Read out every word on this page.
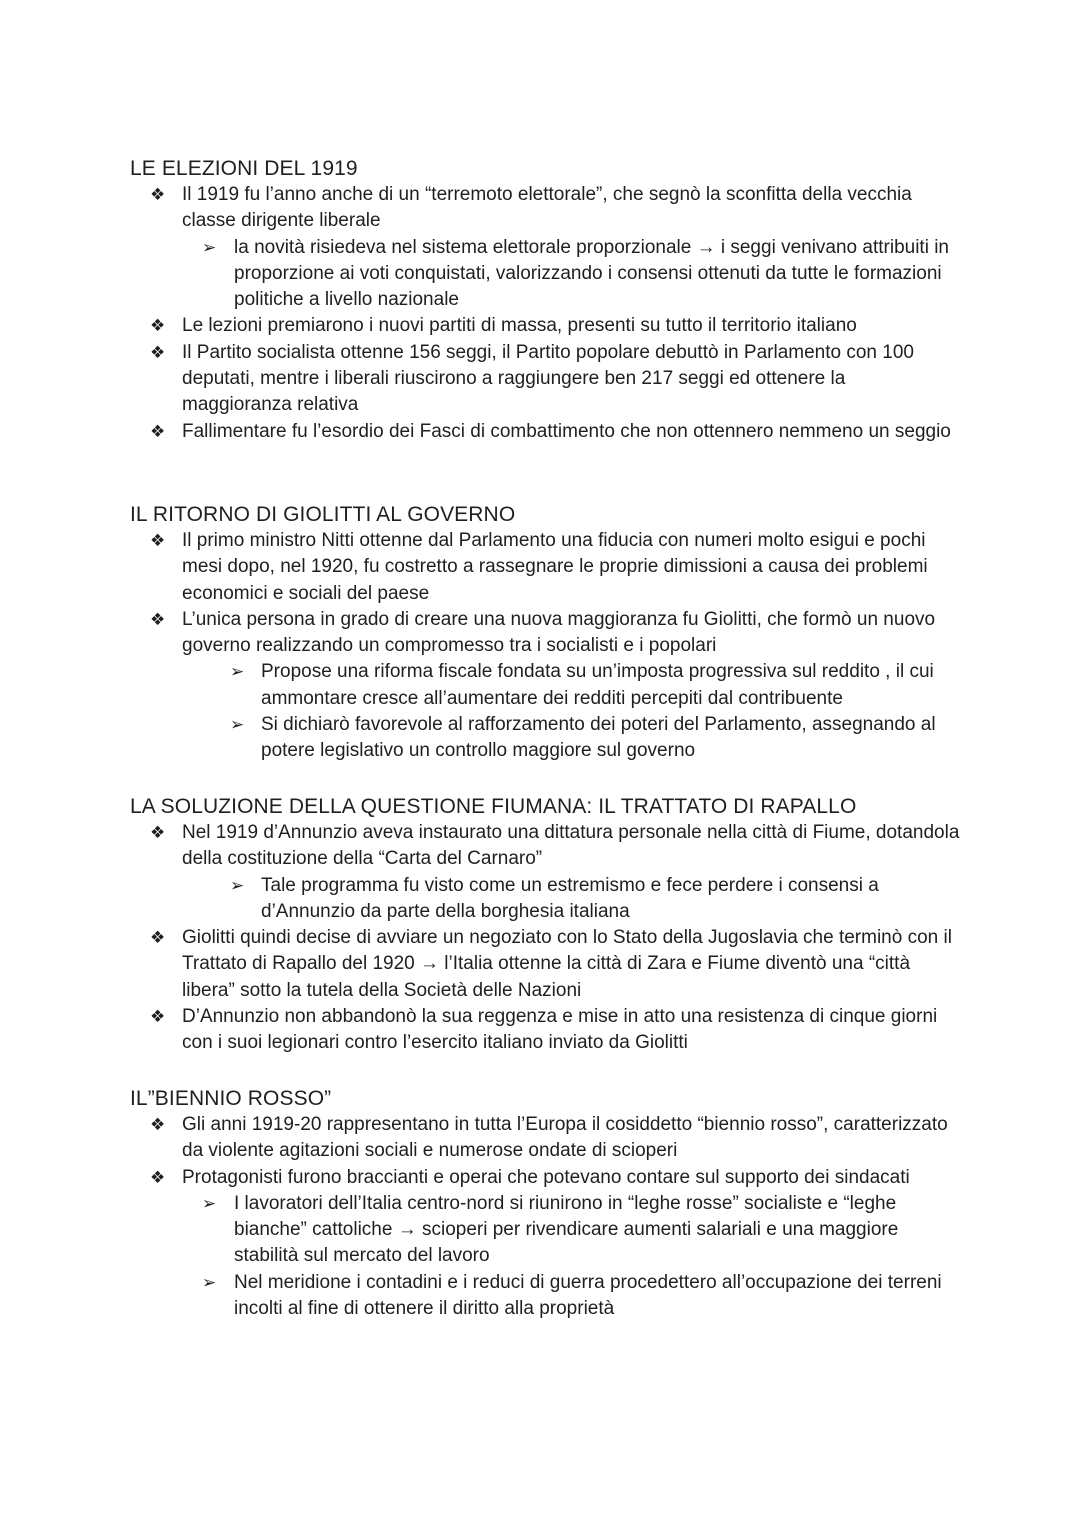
LE ELEZIONI DEL 1919
❖ Il 1919 fu l’anno anche di un “terremoto elettorale”, che segnò la sconfitta della vecchia classe dirigente liberale
➢ la novità risiedeva nel sistema elettorale proporzionale → i seggi venivano attribuiti in proporzione ai voti conquistati, valorizzando i consensi ottenuti da tutte le formazioni politiche a livello nazionale
❖ Le lezioni premiarono i nuovi partiti di massa, presenti su tutto il territorio italiano
❖ Il Partito socialista ottenne 156 seggi, il Partito popolare debuttò in Parlamento con 100 deputati, mentre i liberali riuscirono a raggiungere ben 217 seggi ed ottenere la maggioranza relativa
❖ Fallimentare fu l’esordio dei Fasci di combattimento che non ottennero nemmeno un seggio
IL RITORNO DI GIOLITTI AL GOVERNO
❖ Il primo ministro Nitti ottenne dal Parlamento una fiducia con numeri molto esigui e pochi mesi dopo, nel 1920, fu costretto a rassegnare le proprie dimissioni a causa dei problemi economici e sociali del paese
❖ L’unica persona in grado di creare una nuova maggioranza fu Giolitti, che formò un nuovo governo realizzando un compromesso tra i socialisti e i popolari
➢ Propose una riforma fiscale fondata su un’imposta progressiva sul reddito , il cui ammontare cresce all’aumentare dei redditi percepiti dal contribuente
➢ Si dichiarò favorevole al rafforzamento dei poteri del Parlamento, assegnando al potere legislativo un controllo maggiore sul governo
LA SOLUZIONE DELLA QUESTIONE FIUMANA: IL TRATTATO DI RAPALLO
❖ Nel 1919 d’Annunzio aveva instaurato una dittatura personale nella città di Fiume, dotandola della costituzione della “Carta del Carnaro”
➢ Tale programma fu visto come un estremismo e fece perdere i consensi a d’Annunzio da parte della borghesia italiana
❖ Giolitti quindi decise di avviare un negoziato con lo Stato della Jugoslavia che terminò con il Trattato di Rapallo del 1920 → l’Italia ottenne la città di Zara e Fiume diventò una “città libera” sotto la tutela della Società delle Nazioni
❖ D’Annunzio non abbandonò la sua reggenza e mise in atto una resistenza di cinque giorni con i suoi legionari contro l’esercito italiano inviato da Giolitti
IL”BIENNIO ROSSO”
❖ Gli anni 1919-20 rappresentano in tutta l’Europa il cosiddetto “biennio rosso”, caratterizzato da violente agitazioni sociali e numerose ondate di scioperi
❖ Protagonisti furono braccianti e operai che potevano contare sul supporto dei sindacati
➢ I lavoratori dell’Italia centro-nord si riunirono in “leghe rosse” socialiste e “leghe bianche” cattoliche → scioperi per rivendicare aumenti salariali e una maggiore stabilità sul mercato del lavoro
➢ Nel meridione i contadini e i reduci di guerra procedettero all’occupazione dei terreni incolti al fine di ottenere il diritto alla proprietà
